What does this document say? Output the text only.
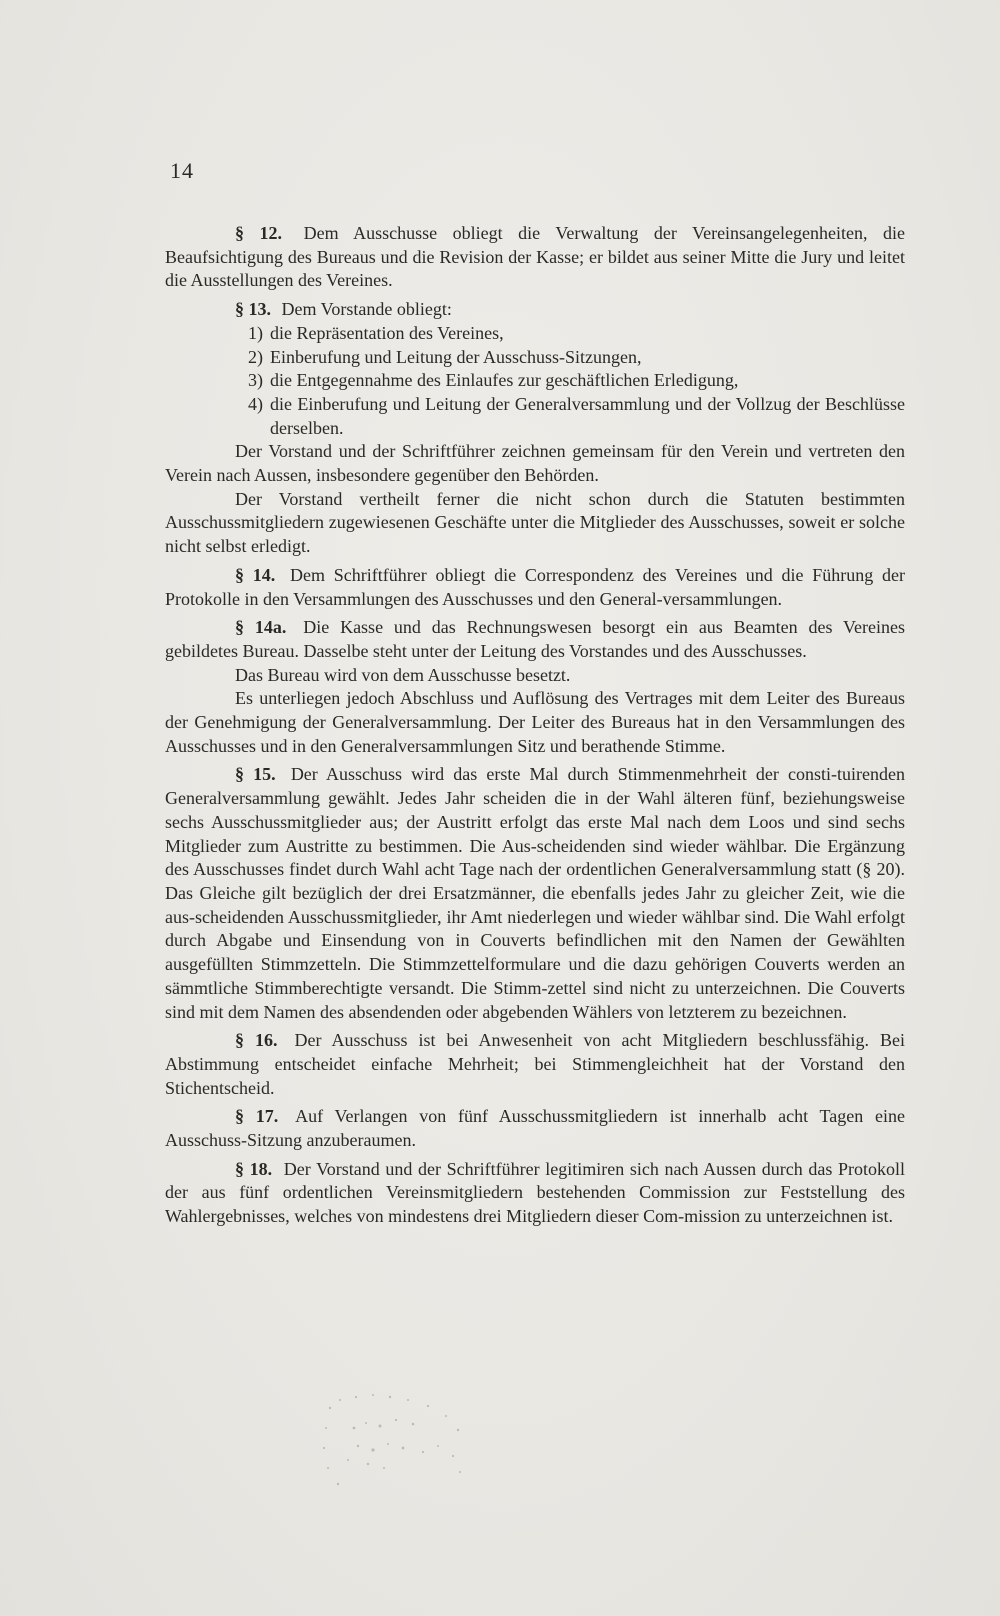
14

§ 12. Dem Ausschusse obliegt die Verwaltung der Vereinsangelegenheiten, die Beaufsichtigung des Bureaus und die Revision der Kasse; er bildet aus seiner Mitte die Jury und leitet die Ausstellungen des Vereines.

§ 13. Dem Vorstande obliegt:

1) die Repräsentation des Vereines,
2) Einberufung und Leitung der Ausschuss-Sitzungen,
3) die Entgegennahme des Einlaufes zur geschäftlichen Erledigung,
4) die Einberufung und Leitung der Generalversammlung und der Vollzug der Beschlüsse derselben.

Der Vorstand und der Schriftführer zeichnen gemeinsam für den Verein und vertreten den Verein nach Aussen, insbesondere gegenüber den Behörden.

Der Vorstand vertheilt ferner die nicht schon durch die Statuten bestimmten Ausschussmitgliedern zugewiesenen Geschäfte unter die Mitglieder des Ausschusses, soweit er solche nicht selbst erledigt.

§ 14. Dem Schriftführer obliegt die Correspondenz des Vereines und die Führung der Protokolle in den Versammlungen des Ausschusses und den General-versammlungen.

§ 14a. Die Kasse und das Rechnungswesen besorgt ein aus Beamten des Vereines gebildetes Bureau. Dasselbe steht unter der Leitung des Vorstandes und des Ausschusses.

Das Bureau wird von dem Ausschusse besetzt.

Es unterliegen jedoch Abschluss und Auflösung des Vertrages mit dem Leiter des Bureaus der Genehmigung der Generalversammlung. Der Leiter des Bureaus hat in den Versammlungen des Ausschusses und in den Generalversammlungen Sitz und berathende Stimme.

§ 15. Der Ausschuss wird das erste Mal durch Stimmenmehrheit der consti-tuirenden Generalversammlung gewählt. Jedes Jahr scheiden die in der Wahl älteren fünf, beziehungsweise sechs Ausschussmitglieder aus; der Austritt erfolgt das erste Mal nach dem Loos und sind sechs Mitglieder zum Austritte zu bestimmen. Die Aus-scheidenden sind wieder wählbar. Die Ergänzung des Ausschusses findet durch Wahl acht Tage nach der ordentlichen Generalversammlung statt (§ 20). Das Gleiche gilt bezüglich der drei Ersatzmänner, die ebenfalls jedes Jahr zu gleicher Zeit, wie die aus-scheidenden Ausschussmitglieder, ihr Amt niederlegen und wieder wählbar sind. Die Wahl erfolgt durch Abgabe und Einsendung von in Couverts befindlichen mit den Namen der Gewählten ausgefüllten Stimmzetteln. Die Stimmzettelformulare und die dazu gehörigen Couverts werden an sämmtliche Stimmberechtigte versandt. Die Stimm-zettel sind nicht zu unterzeichnen. Die Couverts sind mit dem Namen des absendenden oder abgebenden Wählers von letzterem zu bezeichnen.

§ 16. Der Ausschuss ist bei Anwesenheit von acht Mitgliedern beschlussfähig. Bei Abstimmung entscheidet einfache Mehrheit; bei Stimmengleichheit hat der Vorstand den Stichentscheid.

§ 17. Auf Verlangen von fünf Ausschussmitgliedern ist innerhalb acht Tagen eine Ausschuss-Sitzung anzuberaumen.

§ 18. Der Vorstand und der Schriftführer legitimiren sich nach Aussen durch das Protokoll der aus fünf ordentlichen Vereinsmitgliedern bestehenden Commission zur Feststellung des Wahlergebnisses, welches von mindestens drei Mitgliedern dieser Com-mission zu unterzeichnen ist.
